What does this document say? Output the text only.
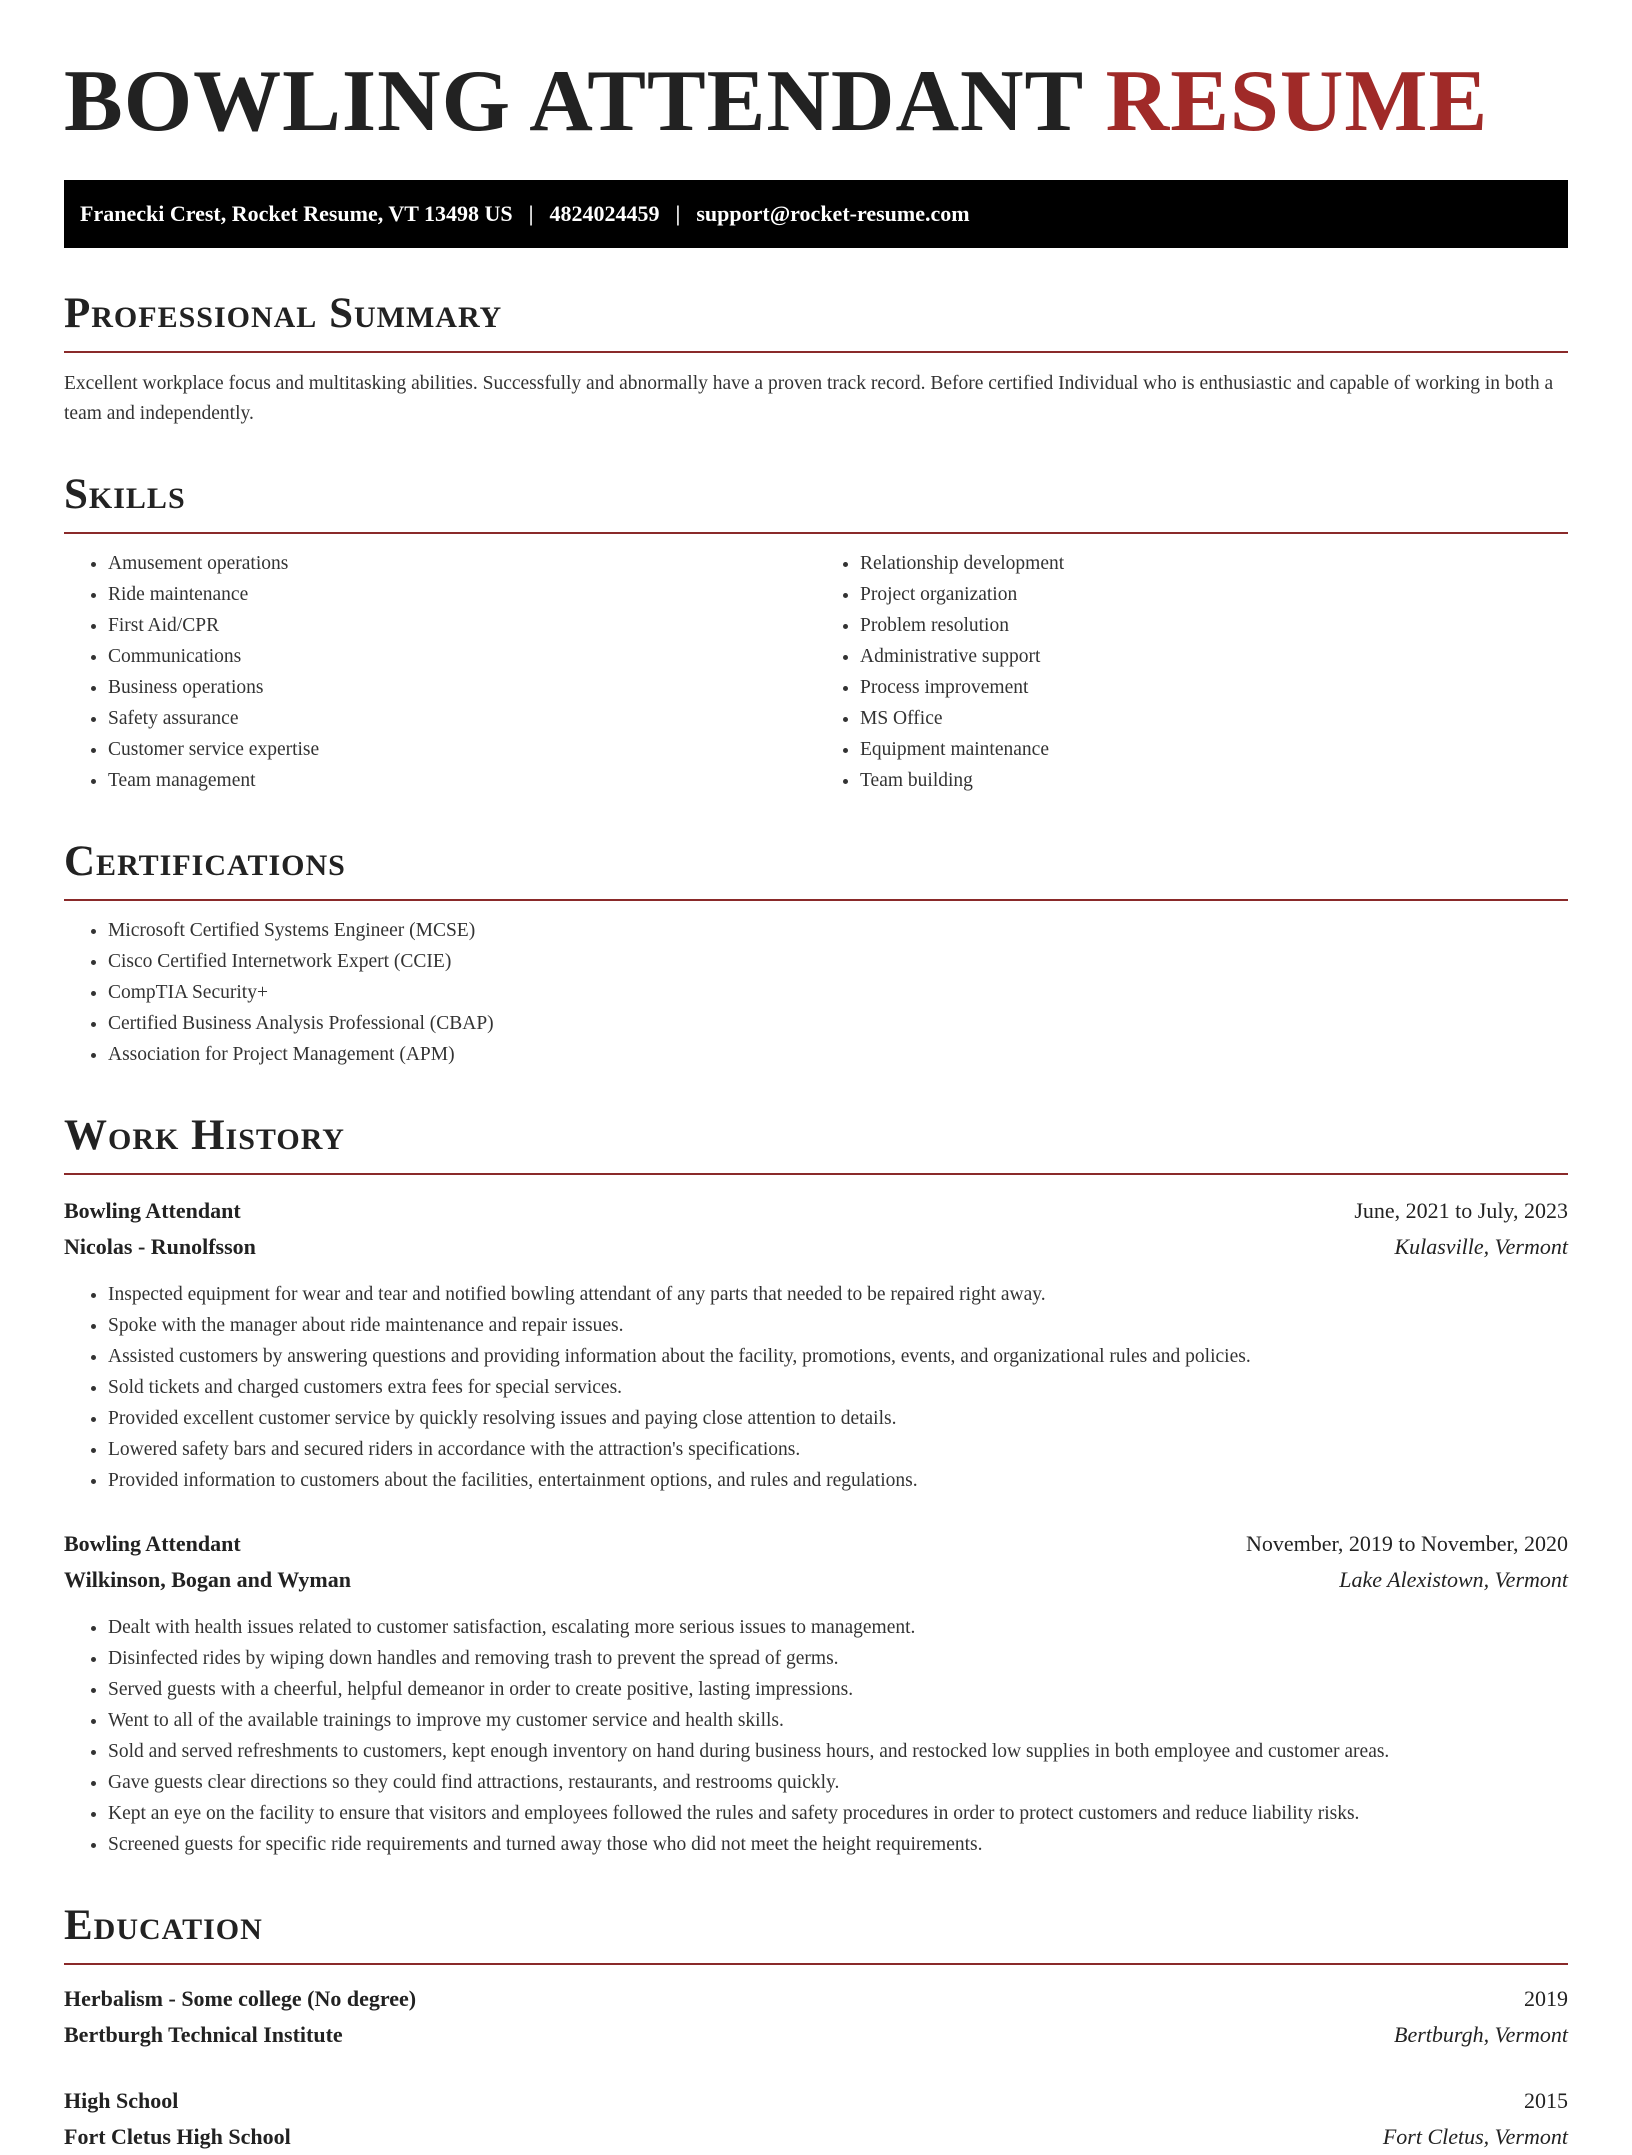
BOWLING ATTENDANT RESUME
Franecki Crest, Rocket Resume, VT 13498 US | 4824024459 | support@rocket-resume.com
Professional Summary

Excellent workplace focus and multitasking abilities. Successfully and abnormally have a proven track record. Before certified Individual who is enthusiastic and capable of working in both a team and independently.

Skills
• Amusement operations
• Ride maintenance
• First Aid/CPR
• Communications
• Business operations
• Safety assurance
• Customer service expertise
• Team management
• Relationship development
• Project organization
• Problem resolution
• Administrative support
• Process improvement
• MS Office
• Equipment maintenance
• Team building
Certifications
• Microsoft Certified Systems Engineer (MCSE)
• Cisco Certified Internetwork Expert (CCIE)
• CompTIA Security+
• Certified Business Analysis Professional (CBAP)
• Association for Project Management (APM)
Work History
Bowling Attendant	June, 2021 to July, 2023
Nicolas - Runolfsson	Kulasville, Vermont
• Inspected equipment for wear and tear and notified bowling attendant of any parts that needed to be repaired right away.
• Spoke with the manager about ride maintenance and repair issues.
• Assisted customers by answering questions and providing information about the facility, promotions, events, and organizational rules and policies.
• Sold tickets and charged customers extra fees for special services.
• Provided excellent customer service by quickly resolving issues and paying close attention to details.
• Lowered safety bars and secured riders in accordance with the attraction's specifications.
• Provided information to customers about the facilities, entertainment options, and rules and regulations.
Bowling Attendant	November, 2019 to November, 2020
Wilkinson, Bogan and Wyman	Lake Alexistown, Vermont
• Dealt with health issues related to customer satisfaction, escalating more serious issues to management.
• Disinfected rides by wiping down handles and removing trash to prevent the spread of germs.
• Served guests with a cheerful, helpful demeanor in order to create positive, lasting impressions.
• Went to all of the available trainings to improve my customer service and health skills.
• Sold and served refreshments to customers, kept enough inventory on hand during business hours, and restocked low supplies in both employee and customer areas.
• Gave guests clear directions so they could find attractions, restaurants, and restrooms quickly.
• Kept an eye on the facility to ensure that visitors and employees followed the rules and safety procedures in order to protect customers and reduce liability risks.
• Screened guests for specific ride requirements and turned away those who did not meet the height requirements.
Education
Herbalism - Some college (No degree)	2019
Bertburgh Technical Institute	Bertburgh, Vermont
High School	2015
Fort Cletus High School	Fort Cletus, Vermont
